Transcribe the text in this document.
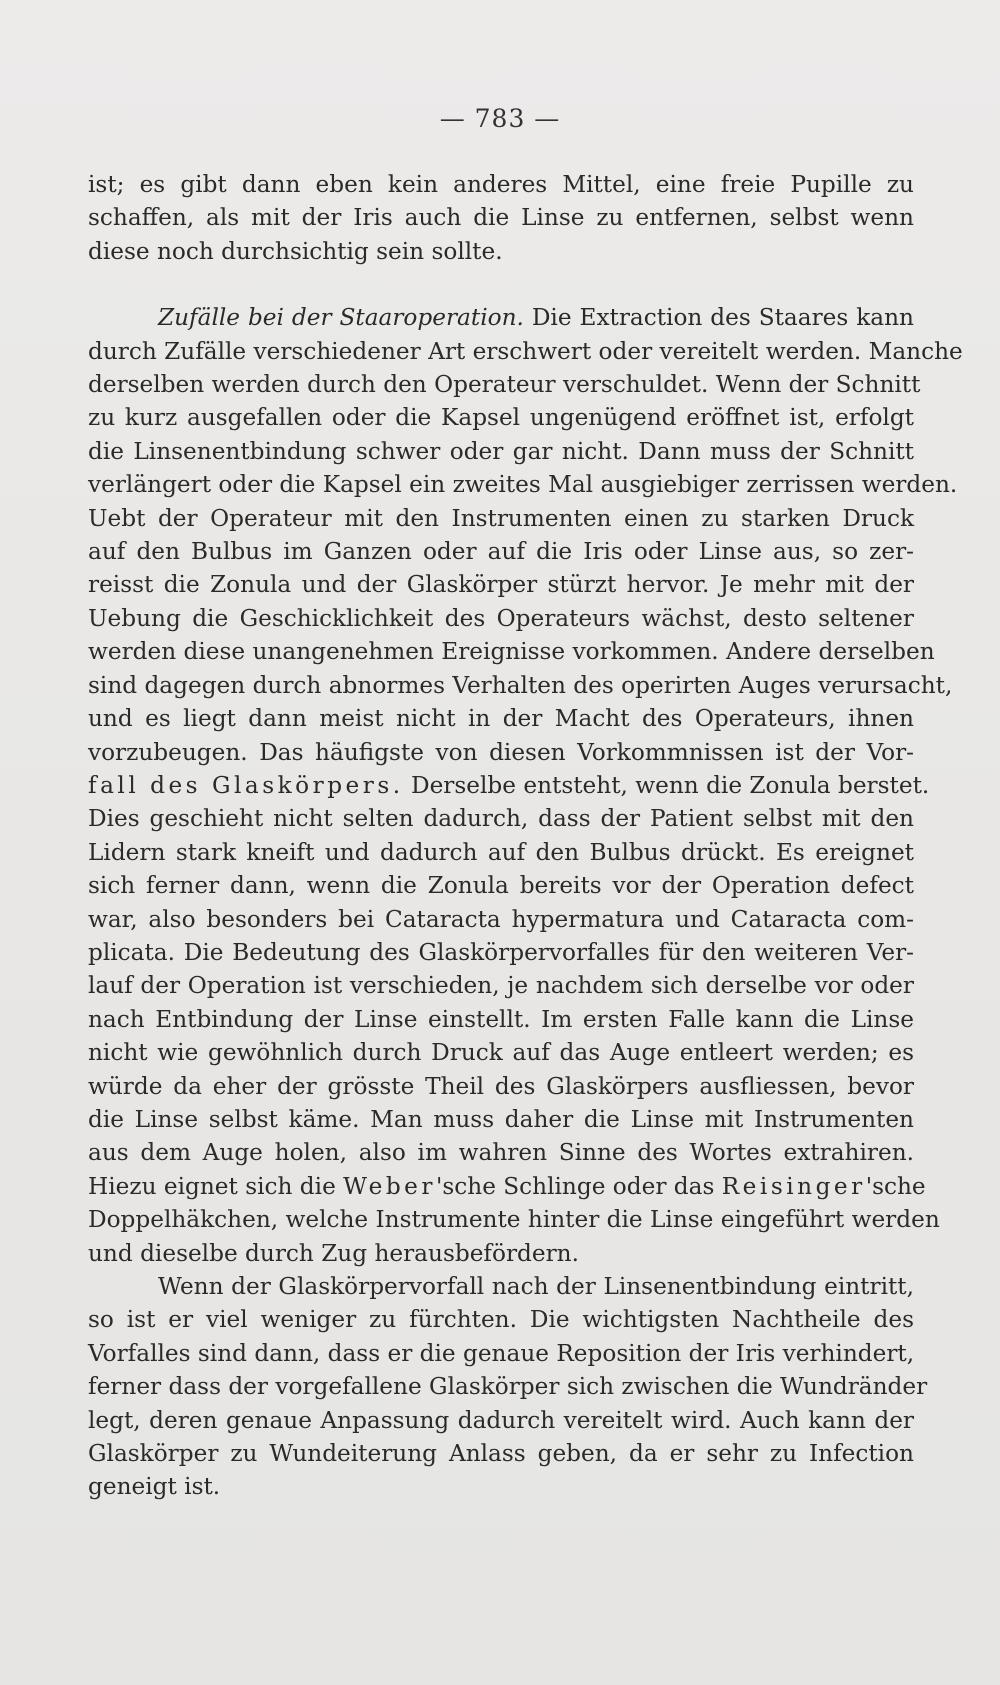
— 783 —

ist; es gibt dann eben kein anderes Mittel, eine freie Pupille zu
schaffen, als mit der Iris auch die Linse zu entfernen, selbst wenn
diese noch durchsichtig sein sollte.

Zufälle bei der Staaroperation. Die Extraction des Staares kann
durch Zufälle verschiedener Art erschwert oder vereitelt werden. Manche
derselben werden durch den Operateur verschuldet. Wenn der Schnitt
zu kurz ausgefallen oder die Kapsel ungenügend eröffnet ist, erfolgt
die Linsenentbindung schwer oder gar nicht. Dann muss der Schnitt
verlängert oder die Kapsel ein zweites Mal ausgiebiger zerrissen werden.
Uebt der Operateur mit den Instrumenten einen zu starken Druck
auf den Bulbus im Ganzen oder auf die Iris oder Linse aus, so zer-
reisst die Zonula und der Glaskörper stürzt hervor. Je mehr mit der
Uebung die Geschicklichkeit des Operateurs wächst, desto seltener
werden diese unangenehmen Ereignisse vorkommen. Andere derselben
sind dagegen durch abnormes Verhalten des operirten Auges verursacht,
und es liegt dann meist nicht in der Macht des Operateurs, ihnen
vorzubeugen. Das häufigste von diesen Vorkommnissen ist der Vor-
fall des Glaskörpers. Derselbe entsteht, wenn die Zonula berstet.
Dies geschieht nicht selten dadurch, dass der Patient selbst mit den
Lidern stark kneift und dadurch auf den Bulbus drückt. Es ereignet
sich ferner dann, wenn die Zonula bereits vor der Operation defect
war, also besonders bei Cataracta hypermatura und Cataracta com-
plicata. Die Bedeutung des Glaskörpervorfalles für den weiteren Ver-
lauf der Operation ist verschieden, je nachdem sich derselbe vor oder
nach Entbindung der Linse einstellt. Im ersten Falle kann die Linse
nicht wie gewöhnlich durch Druck auf das Auge entleert werden; es
würde da eher der grösste Theil des Glaskörpers ausfliessen, bevor
die Linse selbst käme. Man muss daher die Linse mit Instrumenten
aus dem Auge holen, also im wahren Sinne des Wortes extrahiren.
Hiezu eignet sich die Weber'sche Schlinge oder das Reisinger'sche
Doppelhäkchen, welche Instrumente hinter die Linse eingeführt werden
und dieselbe durch Zug herausbefördern.

Wenn der Glaskörpervorfall nach der Linsenentbindung eintritt,
so ist er viel weniger zu fürchten. Die wichtigsten Nachtheile des
Vorfalles sind dann, dass er die genaue Reposition der Iris verhindert,
ferner dass der vorgefallene Glaskörper sich zwischen die Wundränder
legt, deren genaue Anpassung dadurch vereitelt wird. Auch kann der
Glaskörper zu Wundeiterung Anlass geben, da er sehr zu Infection
geneigt ist.
